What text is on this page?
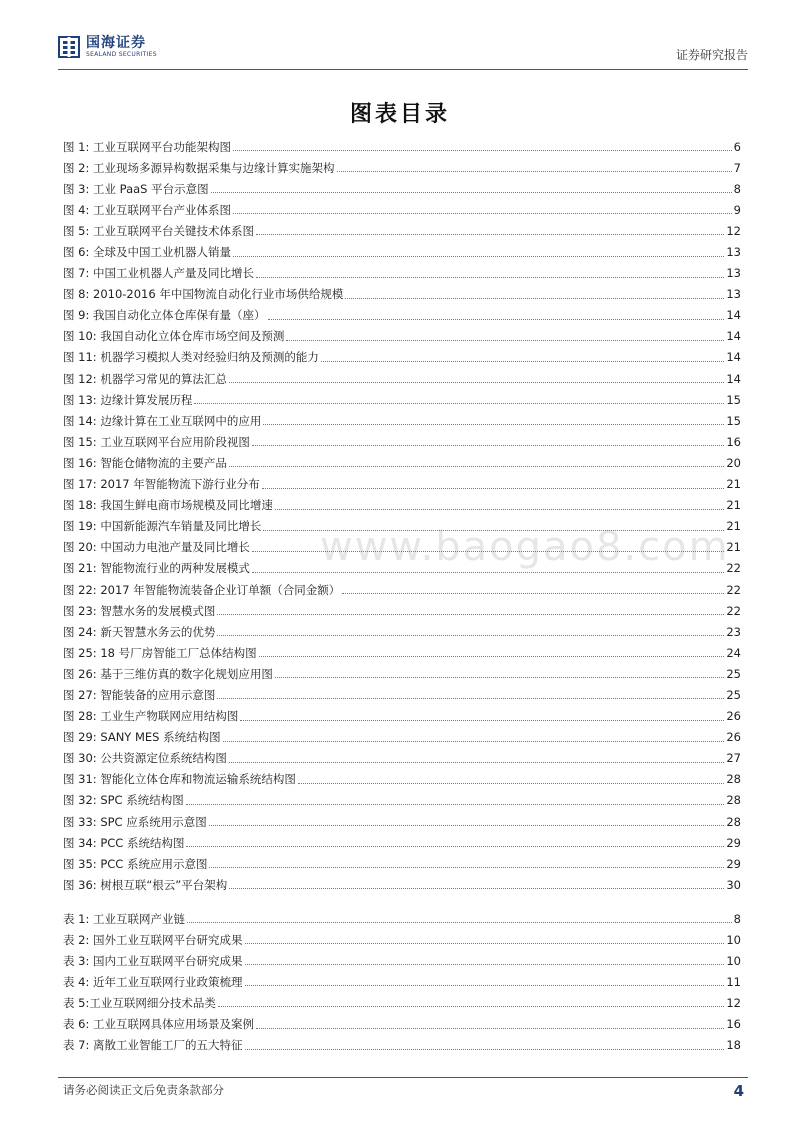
国海证券
SEALAND SECURITIES	证券研究报告
图表目录
www.baogao8.com
图 1: 工业互联网平台功能架构图	6
图 2: 工业现场多源异构数据采集与边缘计算实施架构	7
图 3: 工业 PaaS 平台示意图	8
图 4: 工业互联网平台产业体系图	9
图 5: 工业互联网平台关键技术体系图	12
图 6: 全球及中国工业机器人销量	13
图 7: 中国工业机器人产量及同比增长	13
图 8: 2010-2016 年中国物流自动化行业市场供给规模	13
图 9: 我国自动化立体仓库保有量（座）	14
图 10: 我国自动化立体仓库市场空间及预测	14
图 11: 机器学习模拟人类对经验归纳及预测的能力	14
图 12: 机器学习常见的算法汇总	14
图 13: 边缘计算发展历程	15
图 14: 边缘计算在工业互联网中的应用	15
图 15: 工业互联网平台应用阶段视图	16
图 16: 智能仓储物流的主要产品	20
图 17: 2017 年智能物流下游行业分布	21
图 18: 我国生鲜电商市场规模及同比增速	21
图 19: 中国新能源汽车销量及同比增长	21
图 20: 中国动力电池产量及同比增长	21
图 21: 智能物流行业的两种发展模式	22
图 22: 2017 年智能物流装备企业订单额（合同金额）	22
图 23: 智慧水务的发展模式图	22
图 24: 新天智慧水务云的优势	23
图 25: 18 号厂房智能工厂总体结构图	24
图 26: 基于三维仿真的数字化规划应用图	25
图 27: 智能装备的应用示意图	25
图 28: 工业生产物联网应用结构图	26
图 29: SANY MES 系统结构图	26
图 30: 公共资源定位系统结构图	27
图 31: 智能化立体仓库和物流运输系统结构图	28
图 32: SPC 系统结构图	28
图 33: SPC 应系统用示意图	28
图 34: PCC 系统结构图	29
图 35: PCC 系统应用示意图	29
图 36: 树根互联“根云”平台架构	30
表 1: 工业互联网产业链	8
表 2: 国外工业互联网平台研究成果	10
表 3: 国内工业互联网平台研究成果	10
表 4: 近年工业互联网行业政策梳理	11
表 5:工业互联网细分技术品类	12
表 6: 工业互联网具体应用场景及案例	16
表 7: 离散工业智能工厂的五大特征	18
请务必阅读正文后免责条款部分	4
